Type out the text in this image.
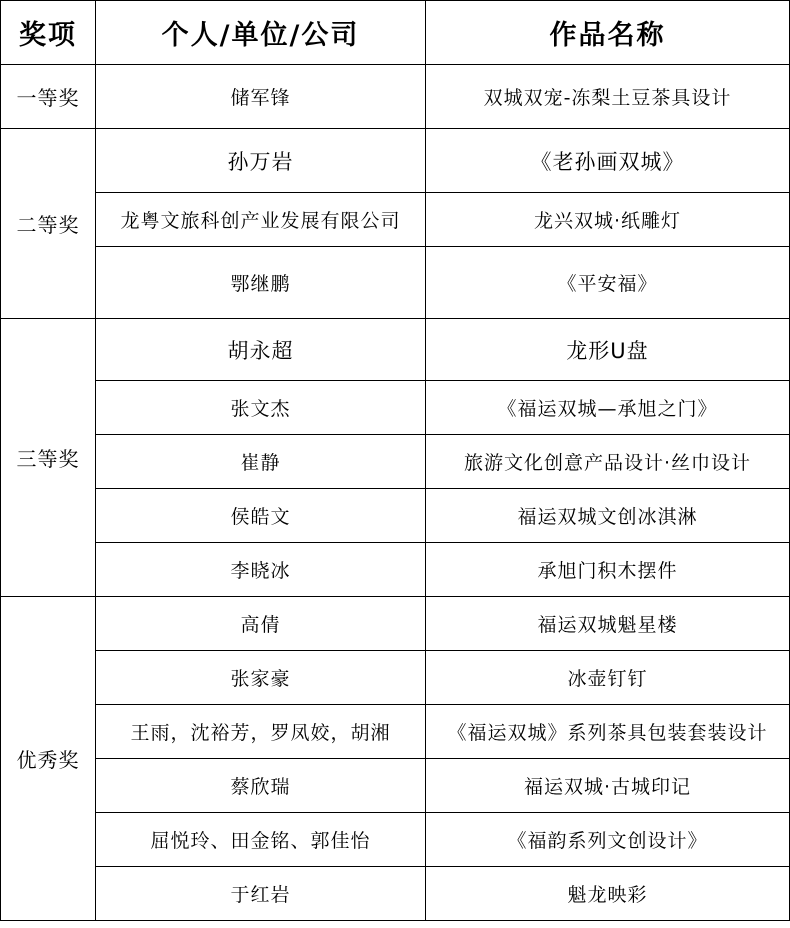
奖项	个人/单位/公司	作品名称
一等奖	储军锋	双城双宠-冻梨土豆茶具设计
二等奖	孙万岩	《老孙画双城》
	龙粤文旅科创产业发展有限公司	龙兴双城·纸雕灯
	鄂继鹏	《平安福》
三等奖	胡永超	龙形U盘
	张文杰	《福运双城—承旭之门》
	崔静	旅游文化创意产品设计·丝巾设计
	侯皓文	福运双城文创冰淇淋
	李晓冰	承旭门积木摆件
优秀奖	高倩	福运双城魁星楼
	张家豪	冰壶钉钉
	王雨，沈裕芳，罗凤姣，胡湘	《福运双城》系列茶具包装套装设计
	蔡欣瑞	福运双城·古城印记
	屈悦玲、田金铭、郭佳怡	《福韵系列文创设计》
	于红岩	魁龙映彩
